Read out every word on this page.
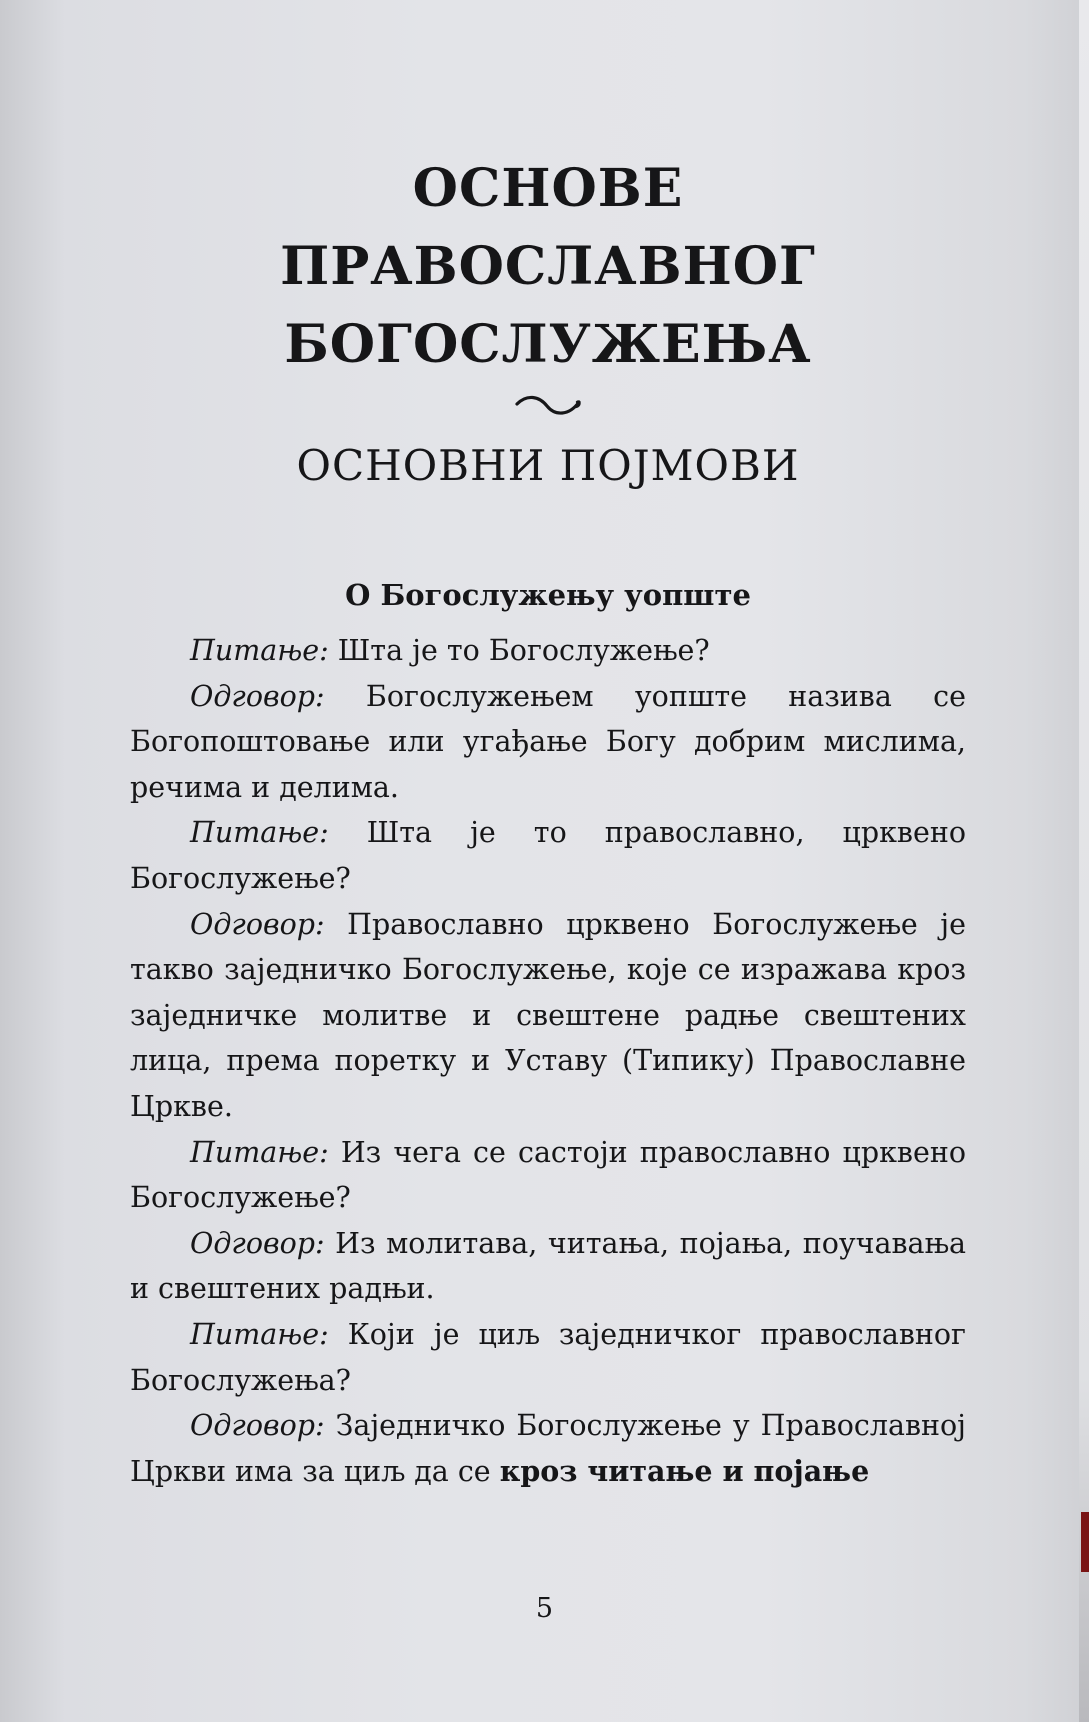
ОСНОВЕ
ПРАВОСЛАВНОГ
БОГОСЛУЖЕЊА
ОСНОВНИ ПОЈМОВИ
О Богослужењу уопште

Питање: Шта је то Богослужење?

Одговор: Богослужењем уопште назива се Богопоштовање или угађање Богу добрим мислима, речима и делима.

Питање: Шта је то православно, црквено Богослужење?

Одговор: Православно црквено Богослужење је такво заједничко Богослужење, које се изражава кроз заједничке молитве и свештене радње свештених лица, према поретку и Уставу (Типику) Православне Цркве.

Питање: Из чега се састоји православно црквено Богослужење?

Одговор: Из молитава, читања, појања, поучавања и свештених радњи.

Питање: Који је циљ заједничког православног Богослужења?

Одговор: Заједничко Богослужење у Православној Цркви има за циљ да се кроз читање и појање

5
